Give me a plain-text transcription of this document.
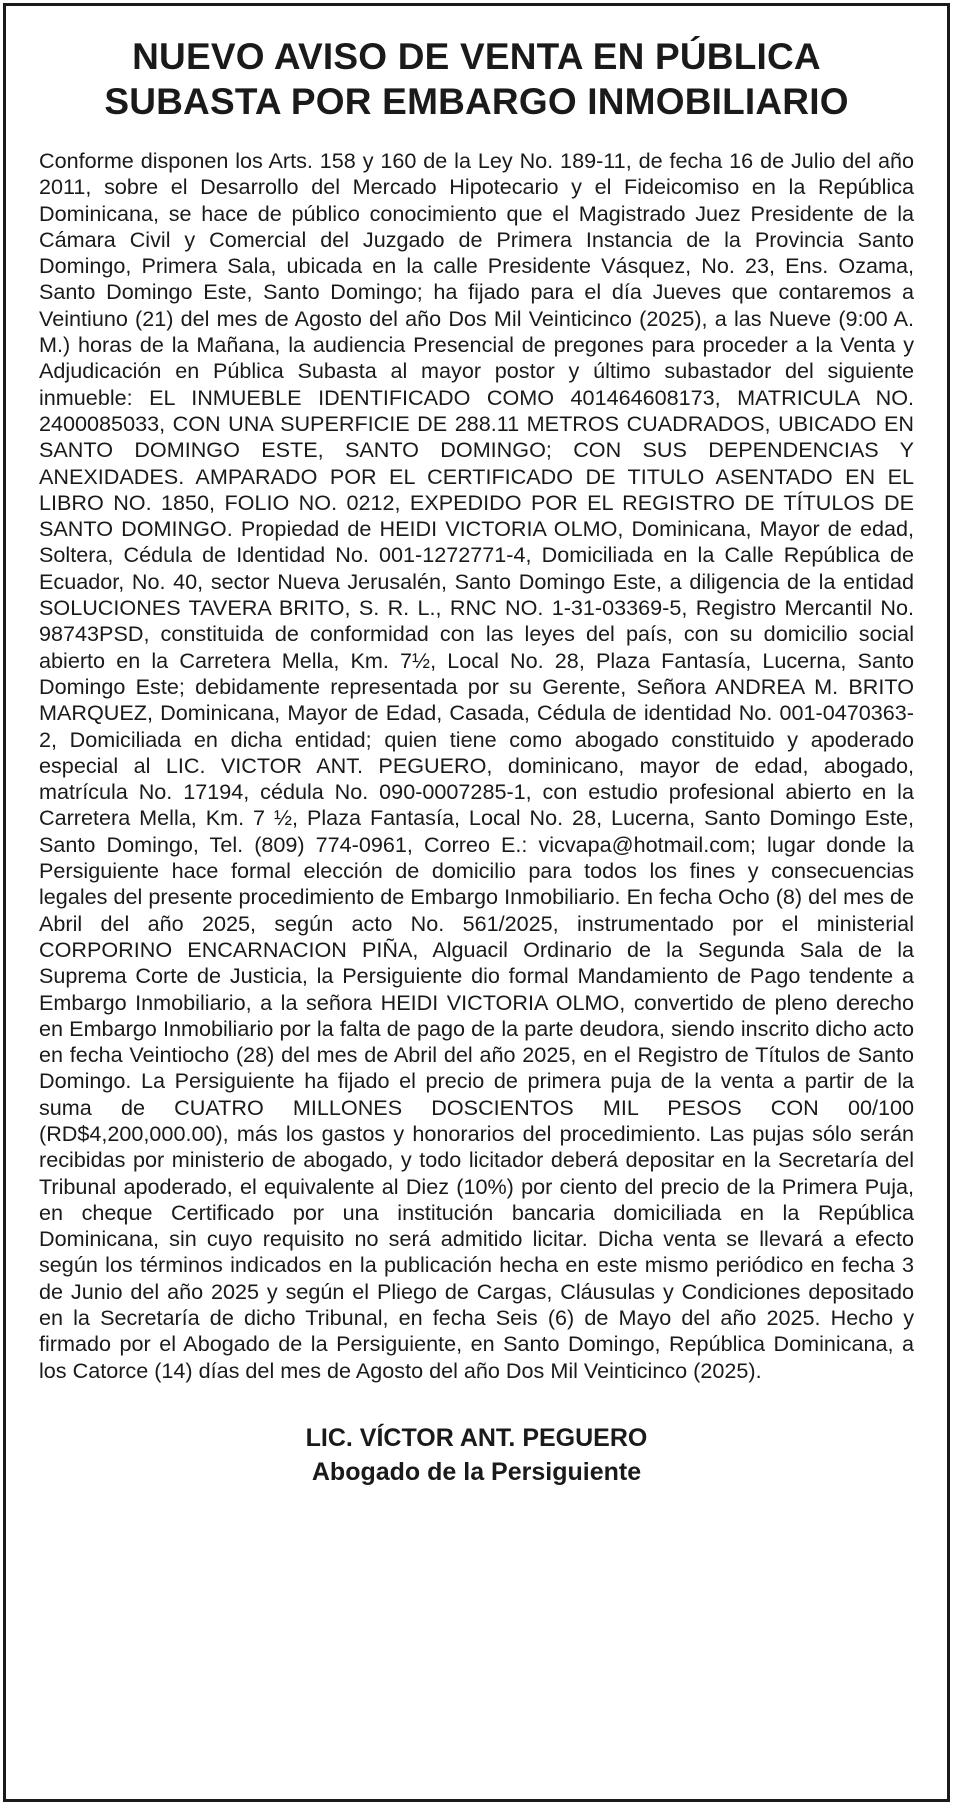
NUEVO AVISO DE VENTA EN PÚBLICA
SUBASTA POR EMBARGO INMOBILIARIO
Conforme disponen los Arts. 158 y 160 de la Ley No. 189-11, de fecha 16 de Julio del año 2011, sobre el Desarrollo del Mercado Hipotecario y el Fideicomiso en la República Dominicana, se hace de público conocimiento que el Magistrado Juez Presidente de la Cámara Civil y Comercial del Juzgado de Primera Instancia de la Provincia Santo Domingo, Primera Sala, ubicada en la calle Presidente Vásquez, No. 23, Ens. Ozama, Santo Domingo Este, Santo Domingo; ha fijado para el día Jueves que contaremos a Veintiuno (21) del mes de Agosto del año Dos Mil Veinticinco (2025), a las Nueve (9:00 A. M.) horas de la Mañana, la audiencia Presencial de pregones para proceder a la Venta y Adjudicación en Pública Subasta al mayor postor y último subastador del siguiente inmueble: EL INMUEBLE IDENTIFICADO COMO 401464608173, MATRICULA NO. 2400085033, CON UNA SUPERFICIE DE 288.11 METROS CUADRADOS, UBICADO EN SANTO DOMINGO ESTE, SANTO DOMINGO; CON SUS DEPENDENCIAS Y ANEXIDADES. AMPARADO POR EL CERTIFICADO DE TITULO ASENTADO EN EL LIBRO NO. 1850, FOLIO NO. 0212, EXPEDIDO POR EL REGISTRO DE TÍTULOS DE SANTO DOMINGO. Propiedad de HEIDI VICTORIA OLMO, Dominicana, Mayor de edad, Soltera, Cédula de Identidad No. 001-1272771-4, Domiciliada en la Calle República de Ecuador, No. 40, sector Nueva Jerusalén, Santo Domingo Este, a diligencia de la entidad SOLUCIONES TAVERA BRITO, S. R. L., RNC NO. 1-31-03369-5, Registro Mercantil No. 98743PSD, constituida de conformidad con las leyes del país, con su domicilio social abierto en la Carretera Mella, Km. 7½, Local No. 28, Plaza Fantasía, Lucerna, Santo Domingo Este; debidamente representada por su Gerente, Señora ANDREA M. BRITO MARQUEZ, Dominicana, Mayor de Edad, Casada, Cédula de identidad No. 001-0470363-2, Domiciliada en dicha entidad; quien tiene como abogado constituido y apoderado especial al LIC. VICTOR ANT. PEGUERO, dominicano, mayor de edad, abogado, matrícula No. 17194, cédula No. 090-0007285-1, con estudio profesional abierto en la Carretera Mella, Km. 7 ½, Plaza Fantasía, Local No. 28, Lucerna, Santo Domingo Este, Santo Domingo, Tel. (809) 774-0961, Correo E.: vicvapa@hotmail.com; lugar donde la Persiguiente hace formal elección de domicilio para todos los fines y consecuencias legales del presente procedimiento de Embargo Inmobiliario. En fecha Ocho (8) del mes de Abril del año 2025, según acto No. 561/2025, instrumentado por el ministerial CORPORINO ENCARNACION PIÑA, Alguacil Ordinario de la Segunda Sala de la Suprema Corte de Justicia, la Persiguiente dio formal Mandamiento de Pago tendente a Embargo Inmobiliario, a la señora HEIDI VICTORIA OLMO, convertido de pleno derecho en Embargo Inmobiliario por la falta de pago de la parte deudora, siendo inscrito dicho acto en fecha Veintiocho (28) del mes de Abril del año 2025, en el Registro de Títulos de Santo Domingo. La Persiguiente ha fijado el precio de primera puja de la venta a partir de la suma de CUATRO MILLONES DOSCIENTOS MIL PESOS CON 00/100 (RD$4,200,000.00), más los gastos y honorarios del procedimiento. Las pujas sólo serán recibidas por ministerio de abogado, y todo licitador deberá depositar en la Secretaría del Tribunal apoderado, el equivalente al Diez (10%) por ciento del precio de la Primera Puja, en cheque Certificado por una institución bancaria domiciliada en la República Dominicana, sin cuyo requisito no será admitido licitar. Dicha venta se llevará a efecto según los términos indicados en la publicación hecha en este mismo periódico en fecha 3 de Junio del año 2025 y según el Pliego de Cargas, Cláusulas y Condiciones depositado en la Secretaría de dicho Tribunal, en fecha Seis (6) de Mayo del año 2025. Hecho y firmado por el Abogado de la Persiguiente, en Santo Domingo, República Dominicana, a los Catorce (14) días del mes de Agosto del año Dos Mil Veinticinco (2025).
LIC. VÍCTOR ANT. PEGUERO
Abogado de la Persiguiente
